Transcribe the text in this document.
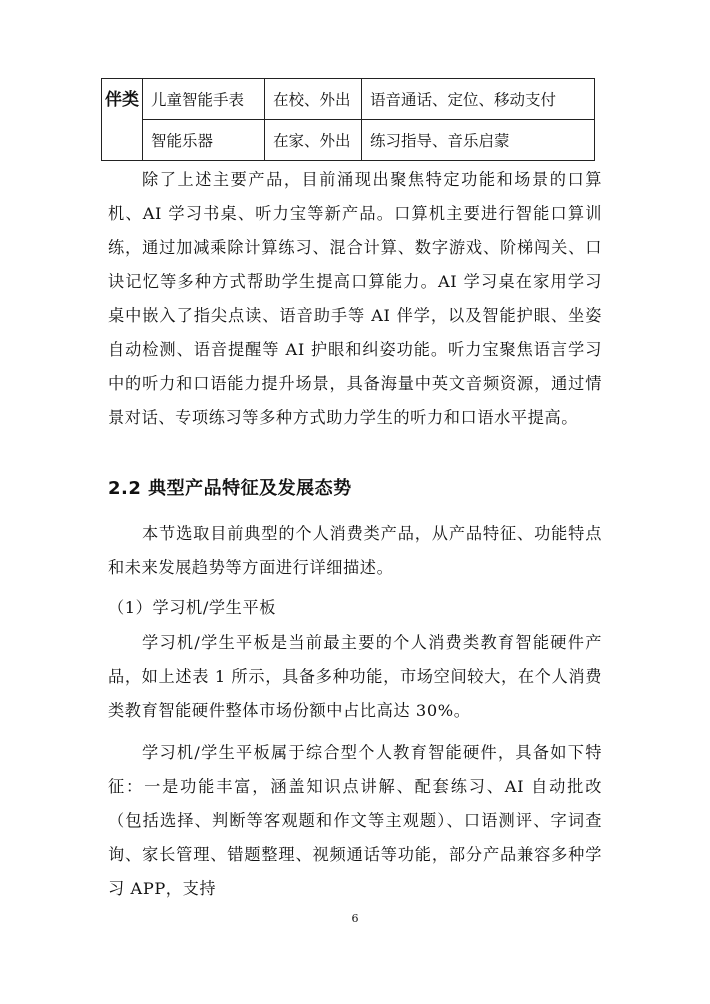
伴类	儿童智能手表	在校、外出	语音通话、定位、移动支付
	智能乐器	在家、外出	练习指导、音乐启蒙

除了上述主要产品，目前涌现出聚焦特定功能和场景的口算机、AI 学习书桌、听力宝等新产品。口算机主要进行智能口算训练，通过加减乘除计算练习、混合计算、数字游戏、阶梯闯关、口诀记忆等多种方式帮助学生提高口算能力。AI 学习桌在家用学习桌中嵌入了指尖点读、语音助手等 AI 伴学，以及智能护眼、坐姿自动检测、语音提醒等 AI 护眼和纠姿功能。听力宝聚焦语言学习中的听力和口语能力提升场景，具备海量中英文音频资源，通过情景对话、专项练习等多种方式助力学生的听力和口语水平提高。

2.2 典型产品特征及发展态势

本节选取目前典型的个人消费类产品，从产品特征、功能特点和未来发展趋势等方面进行详细描述。

（1）学习机/学生平板

学习机/学生平板是当前最主要的个人消费类教育智能硬件产品，如上述表 1 所示，具备多种功能，市场空间较大，在个人消费类教育智能硬件整体市场份额中占比高达 30%。

学习机/学生平板属于综合型个人教育智能硬件，具备如下特征：一是功能丰富，涵盖知识点讲解、配套练习、AI 自动批改（包括选择、判断等客观题和作文等主观题）、口语测评、字词查询、家长管理、错题整理、视频通话等功能，部分产品兼容多种学习 APP，支持

6
